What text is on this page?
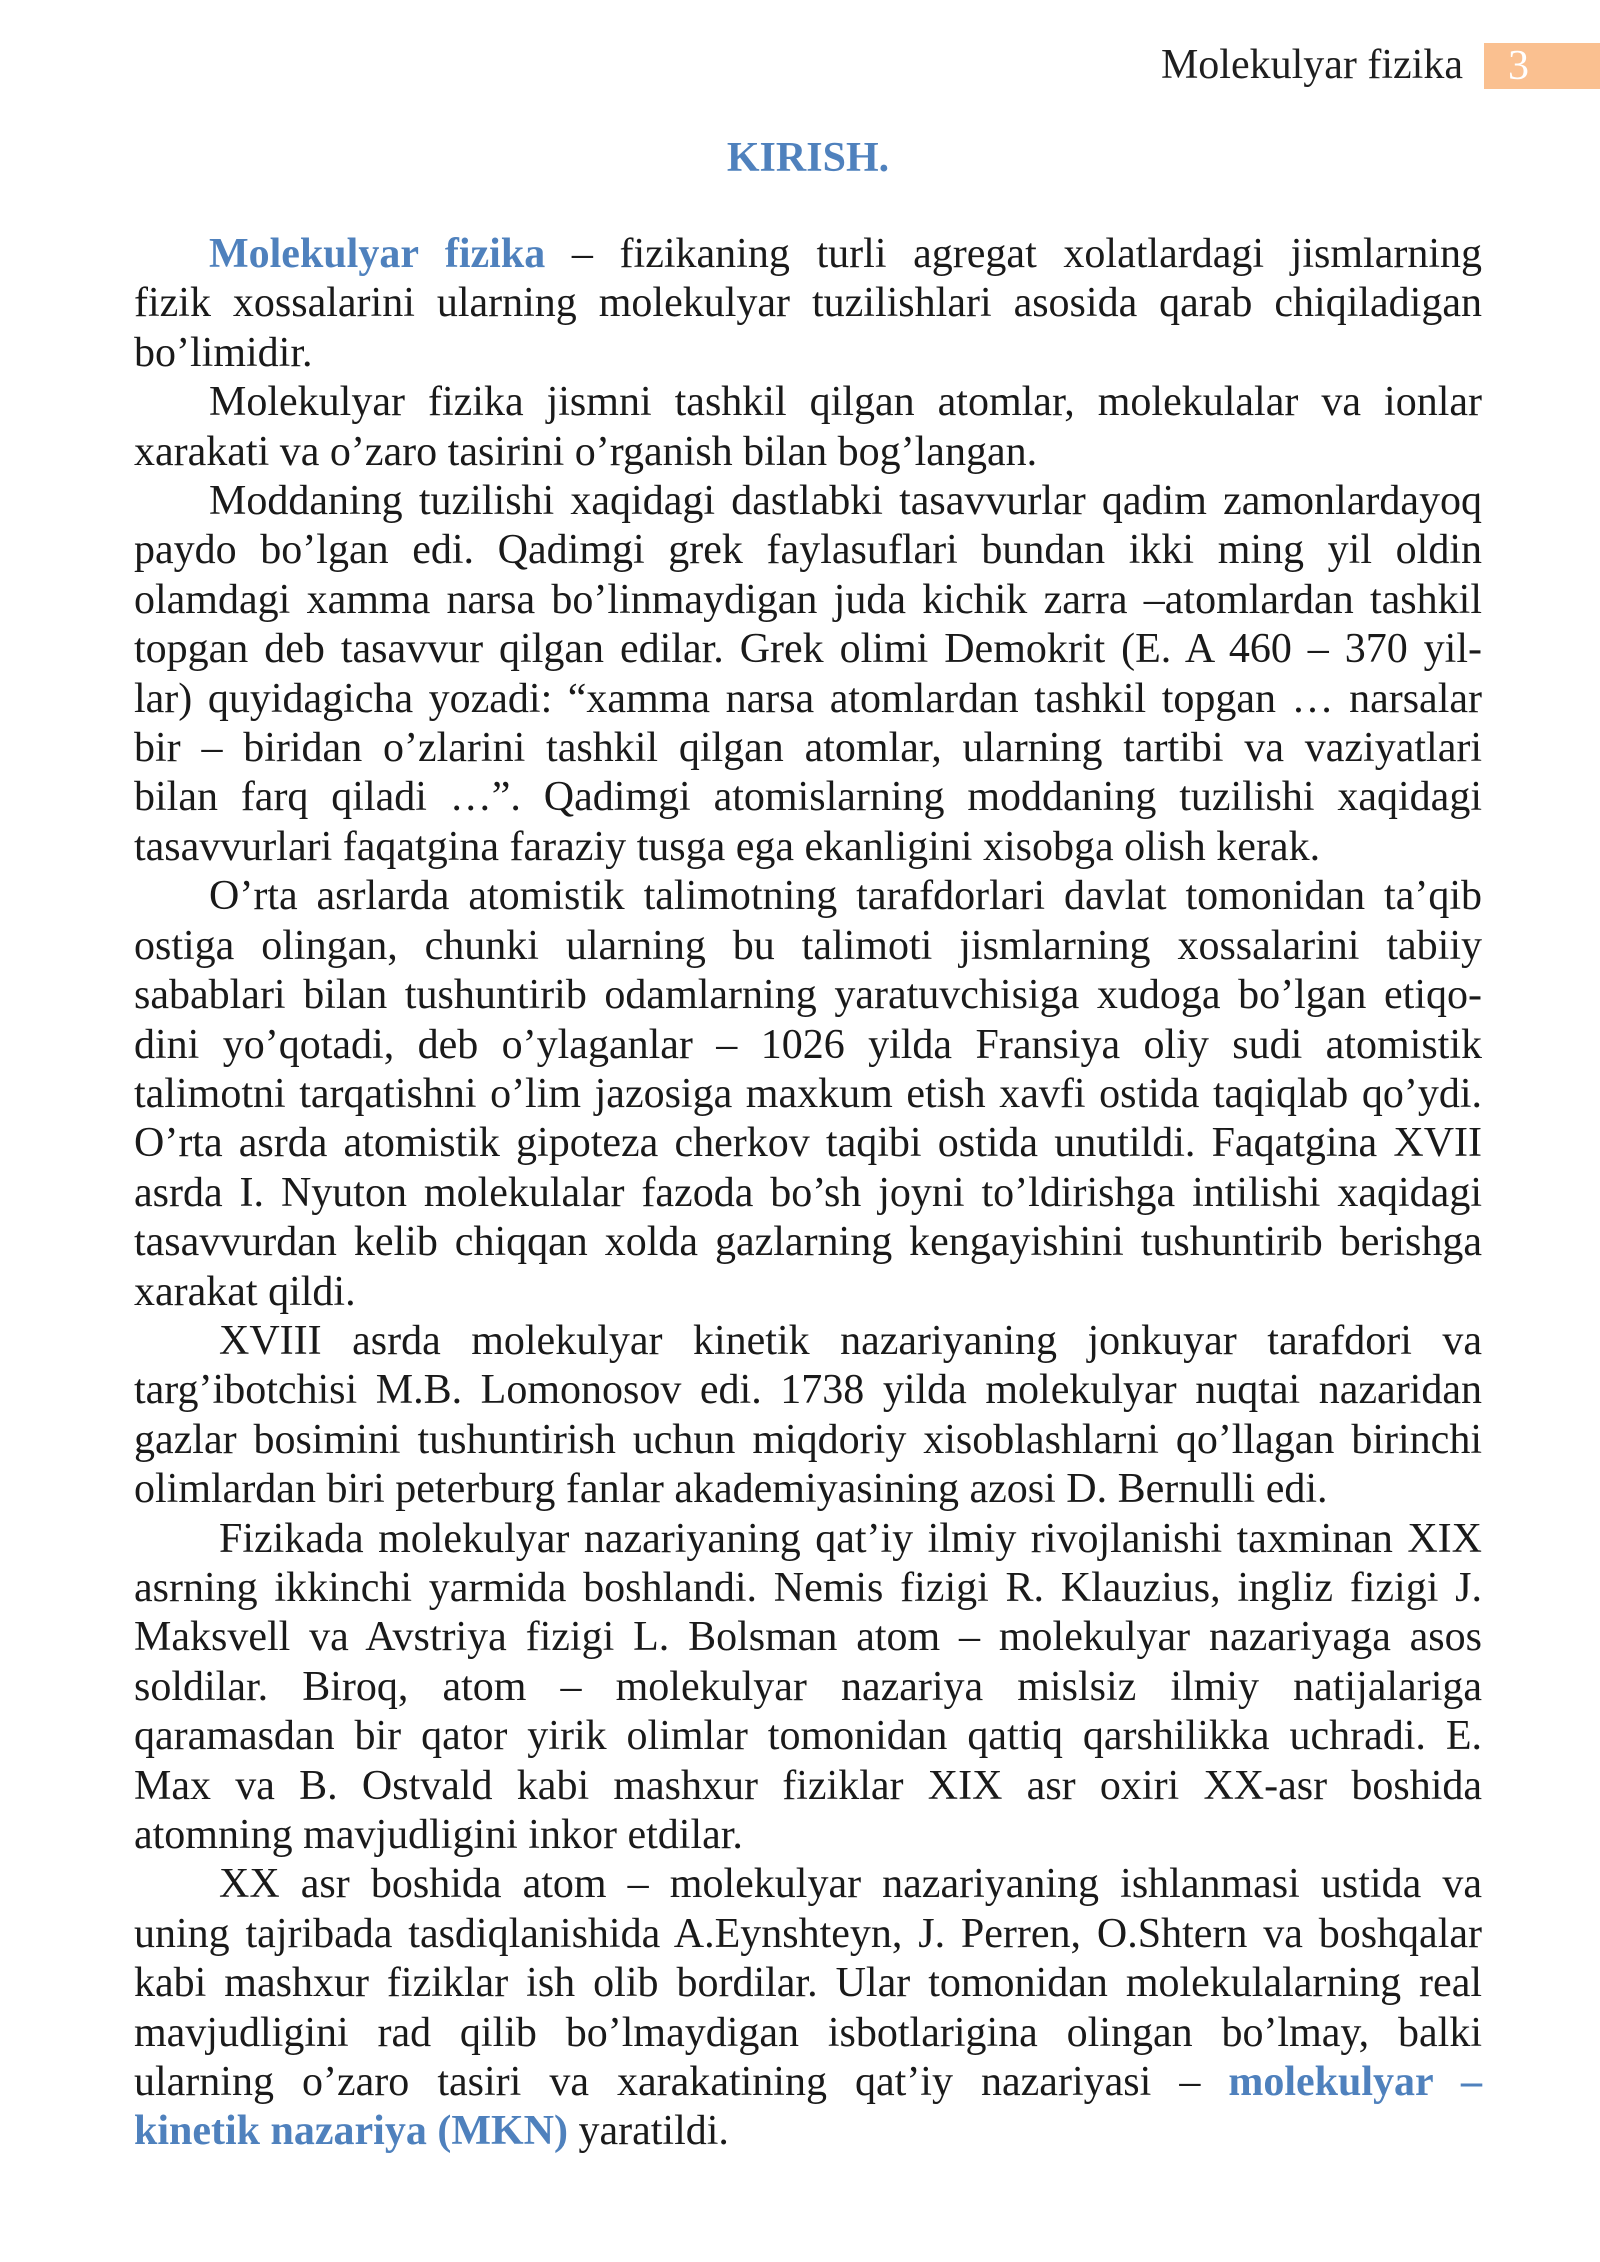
Molekulyar fizika	3
KIRISH.
Molekulyar fizika – fizikaning turli agregat xolatlardagi jismlarning
fizik xossalarini ularning molekulyar tuzilishlari asosida qarab chiqiladigan
bo’limidir.
Molekulyar fizika jismni tashkil qilgan atomlar, molekulalar va ionlar
xarakati va o’zaro tasirini o’rganish bilan bog’langan.
Moddaning tuzilishi xaqidagi dastlabki tasavvurlar qadim zamonlardayoq
paydo bo’lgan edi. Qadimgi grek faylasuflari bundan ikki ming yil oldin
olamdagi xamma narsa bo’linmaydigan juda kichik zarra –atomlardan tashkil
topgan deb tasavvur qilgan edilar. Grek olimi Demokrit (E. A 460 – 370 yil-
lar) quyidagicha yozadi: “xamma narsa atomlardan tashkil topgan … narsalar
bir – biridan o’zlarini tashkil qilgan atomlar, ularning tartibi va vaziyatlari
bilan farq qiladi …”. Qadimgi atomislarning moddaning tuzilishi xaqidagi
tasavvurlari faqatgina faraziy tusga ega ekanligini xisobga olish kerak.
O’rta asrlarda atomistik talimotning tarafdorlari davlat tomonidan ta’qib
ostiga olingan, chunki ularning bu talimoti jismlarning xossalarini tabiiy
sabablari bilan tushuntirib odamlarning yaratuvchisiga xudoga bo’lgan etiqo-
dini yo’qotadi, deb o’ylaganlar – 1026 yilda Fransiya oliy sudi atomistik
talimotni tarqatishni o’lim jazosiga maxkum etish xavfi ostida taqiqlab qo’ydi.
O’rta asrda atomistik gipoteza cherkov taqibi ostida unutildi. Faqatgina XVII
asrda I. Nyuton molekulalar fazoda bo’sh joyni to’ldirishga intilishi xaqidagi
tasavvurdan kelib chiqqan xolda gazlarning kengayishini tushuntirib berishga
xarakat qildi.
XVIII asrda molekulyar kinetik nazariyaning jonkuyar tarafdori va
targ’ibotchisi M.B. Lomonosov edi. 1738 yilda molekulyar nuqtai nazaridan
gazlar bosimini tushuntirish uchun miqdoriy xisoblashlarni qo’llagan birinchi
olimlardan biri peterburg fanlar akademiyasining azosi D. Bernulli edi.
Fizikada molekulyar nazariyaning qat’iy ilmiy rivojlanishi taxminan XIX
asrning ikkinchi yarmida boshlandi. Nemis fizigi R. Klauzius, ingliz fizigi J.
Maksvell va Avstriya fizigi L. Bolsman atom – molekulyar nazariyaga asos
soldilar. Biroq, atom – molekulyar nazariya mislsiz ilmiy natijalariga
qaramasdan bir qator yirik olimlar tomonidan qattiq qarshilikka uchradi. E.
Max va B. Ostvald kabi mashxur fiziklar XIX asr oxiri XX-asr boshida
atomning mavjudligini inkor etdilar.
XX asr boshida atom – molekulyar nazariyaning ishlanmasi ustida va
uning tajribada tasdiqlanishida A.Eynshteyn, J. Perren, O.Shtern va boshqalar
kabi mashxur fiziklar ish olib bordilar. Ular tomonidan molekulalarning real
mavjudligini rad qilib bo’lmaydigan isbotlarigina olingan bo’lmay, balki
ularning o’zaro tasiri va xarakatining qat’iy nazariyasi – molekulyar –
kinetik nazariya (MKN) yaratildi.
